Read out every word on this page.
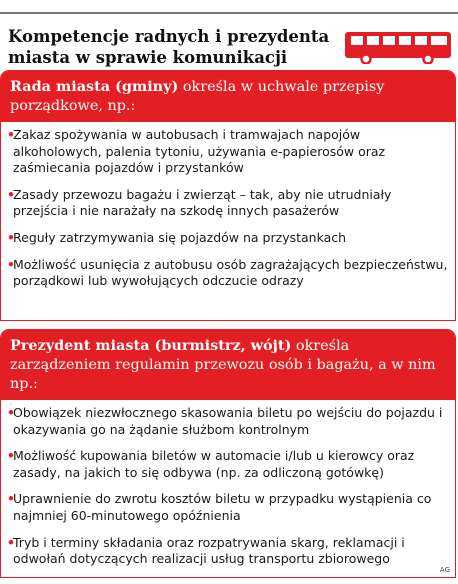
Kompetencje radnych i prezydenta
miasta w sprawie komunikacji
Rada miasta (gminy) określa w uchwale przepisy porządkowe, np.:
•
Zakaz spożywania w autobusach i tramwajach napojów alkoholowych, palenia tytoniu, używania e-papierosów oraz zaśmiecania pojazdów i przystanków
•
Zasady przewozu bagażu i zwierząt – tak, aby nie utrudniały przejścia i nie narażały na szkodę innych pasażerów
•
Reguły zatrzymywania się pojazdów na przystankach
•
Możliwość usunięcia z autobusu osób zagrażających bezpieczeństwu, porządkowi lub wywołujących odczucie odrazy
Prezydent miasta (burmistrz, wójt) określa zarządzeniem regulamin przewozu osób i bagażu, a w nim np.:
•
Obowiązek niezwłocznego skasowania biletu po wejściu do pojazdu i okazywania go na żądanie służbom kontrolnym
•
Możliwość kupowania biletów w automacie i/lub u kierowcy oraz zasady, na jakich to się odbywa (np. za odliczoną gotówkę)
•
Uprawnienie do zwrotu kosztów biletu w przypadku wystąpienia co najmniej 60-minutowego opóźnienia
•
Tryb i terminy składania oraz rozpatrywania skarg, reklamacji i odwołań dotyczących realizacji usług transportu zbiorowego
AG
